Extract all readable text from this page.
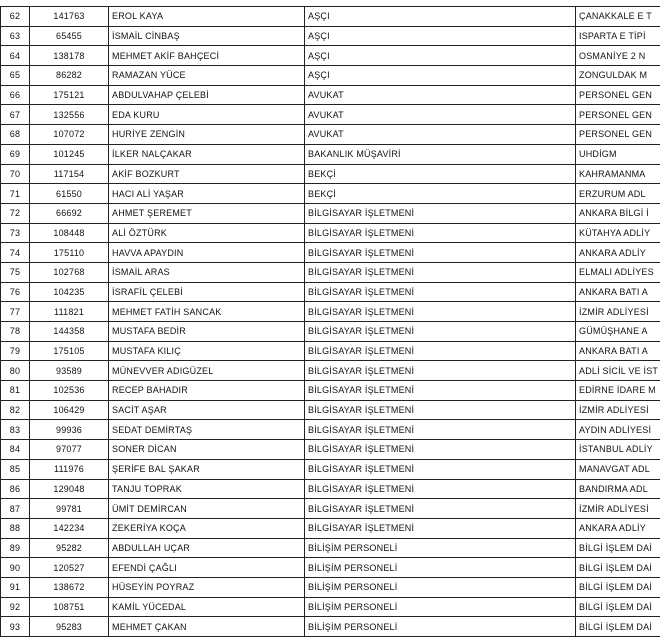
62	141763	EROL KAYA	AŞÇI	ÇANAKKALE E T
63	65455	İSMAİL CİNBAŞ	AŞÇI	ISPARTA E TİPİ
64	138178	MEHMET AKİF BAHÇECİ	AŞÇI	OSMANİYE 2 N
65	86282	RAMAZAN YÜCE	AŞÇI	ZONGULDAK M
66	175121	ABDULVAHAP ÇELEBİ	AVUKAT	PERSONEL GEN
67	132556	EDA KURU	AVUKAT	PERSONEL GEN
68	107072	HURİYE ZENGİN	AVUKAT	PERSONEL GEN
69	101245	İLKER NALÇAKAR	BAKANLIK MÜŞAVİRİ	UHDİGM
70	117154	AKİF BOZKURT	BEKÇİ	KAHRAMANMA
71	61550	HACI ALİ YAŞAR	BEKÇİ	ERZURUM ADL
72	66692	AHMET ŞEREMET	BİLGİSAYAR İŞLETMENİ	ANKARA BİLGİ İ
73	108448	ALİ ÖZTÜRK	BİLGİSAYAR İŞLETMENİ	KÜTAHYA ADLİY
74	175110	HAVVA APAYDIN	BİLGİSAYAR İŞLETMENİ	ANKARA ADLİY
75	102768	İSMAİL ARAS	BİLGİSAYAR İŞLETMENİ	ELMALI ADLİYES
76	104235	İSRAFİL ÇELEBİ	BİLGİSAYAR İŞLETMENİ	ANKARA BATI A
77	111821	MEHMET FATİH SANCAK	BİLGİSAYAR İŞLETMENİ	İZMİR ADLİYESİ
78	144358	MUSTAFA BEDİR	BİLGİSAYAR İŞLETMENİ	GÜMÜŞHANE A
79	175105	MUSTAFA KILIÇ	BİLGİSAYAR İŞLETMENİ	ANKARA BATI A
80	93589	MÜNEVVER ADIGÜZEL	BİLGİSAYAR İŞLETMENİ	ADLİ SİCİL VE İST
81	102536	RECEP BAHADIR	BİLGİSAYAR İŞLETMENİ	EDİRNE İDARE M
82	106429	SACİT AŞAR	BİLGİSAYAR İŞLETMENİ	İZMİR ADLİYESİ
83	99936	SEDAT DEMİRTAŞ	BİLGİSAYAR İŞLETMENİ	AYDIN ADLİYESİ
84	97077	SONER DİCAN	BİLGİSAYAR İŞLETMENİ	İSTANBUL ADLİY
85	111976	ŞERİFE BAL ŞAKAR	BİLGİSAYAR İŞLETMENİ	MANAVGAT ADL
86	129048	TANJU TOPRAK	BİLGİSAYAR İŞLETMENİ	BANDIRMA ADL
87	99781	ÜMİT DEMİRCAN	BİLGİSAYAR İŞLETMENİ	İZMİR ADLİYESİ
88	142234	ZEKERİYA KOÇA	BİLGİSAYAR İŞLETMENİ	ANKARA ADLİY
89	95282	ABDULLAH UÇAR	BİLİŞİM PERSONELİ	BİLGİ İŞLEM DAİ
90	120527	EFENDİ ÇAĞLI	BİLİŞİM PERSONELİ	BİLGİ İŞLEM DAİ
91	138672	HÜSEYİN POYRAZ	BİLİŞİM PERSONELİ	BİLGİ İŞLEM DAİ
92	108751	KAMİL YÜCEDAL	BİLİŞİM PERSONELİ	BİLGİ İŞLEM DAİ
93	95283	MEHMET ÇAKAN	BİLİŞİM PERSONELİ	BİLGİ İŞLEM DAİ
